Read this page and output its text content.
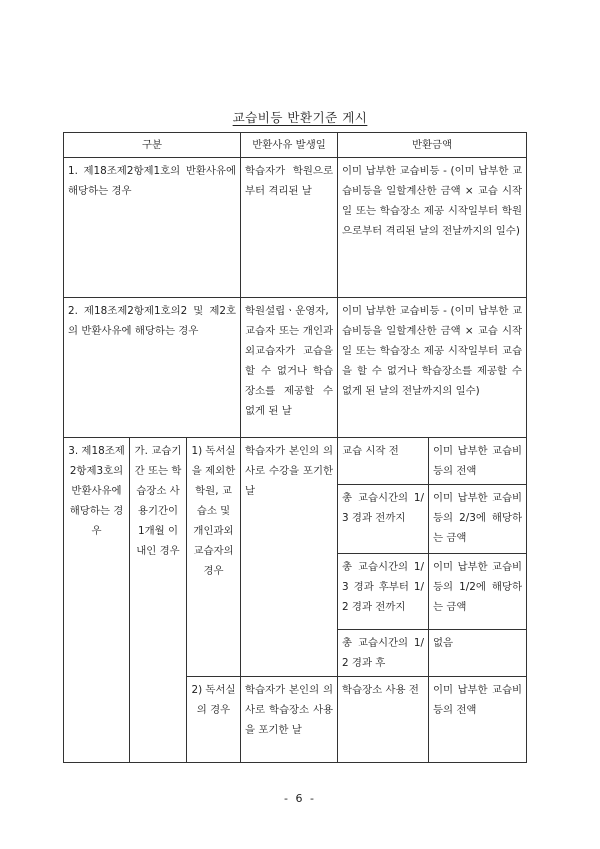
교습비등 반환기준 게시
구분			반환사유 발생일	반환금액	
1. 제18조제2항제1호의 반환사유에 해당하는 경우			학습자가 학원으로부터 격리된 날	이미 납부한 교습비등 - (이미 납부한 교습비등을 일할계산한 금액 × 교습 시작일 또는 학습장소 제공 시작일부터 학원으로부터 격리된 날의 전날까지의 일수)	
2. 제18조제2항제1호의2 및 제2호의 반환사유에 해당하는 경우			학원설립ㆍ운영자, 교습자 또는 개인과외교습자가 교습을 할 수 없거나 학습장소를 제공할 수 없게 된 날	이미 납부한 교습비등 - (이미 납부한 교습비등을 일할계산한 금액 × 교습 시작일 또는 학습장소 제공 시작일부터 교습을 할 수 없거나 학습장소를 제공할 수 없게 된 날의 전날까지의 일수)	
3. 제18조제2항제3호의 반환사유에 해당하는 경우	가. 교습기간 또는 학습장소 사용기간이 1개월 이내인 경우	1) 독서실을 제외한 학원, 교습소 및 개인과외교습자의 경우	학습자가 본인의 의사로 수강을 포기한 날	교습 시작 전	이미 납부한 교습비등의 전액
				총 교습시간의 1/3 경과 전까지	이미 납부한 교습비등의 2/3에 해당하는 금액
				총 교습시간의 1/3 경과 후부터 1/2 경과 전까지	이미 납부한 교습비등의 1/2에 해당하는 금액
				총 교습시간의 1/2 경과 후	없음
		2) 독서실의 경우	학습자가 본인의 의사로 학습장소 사용을 포기한 날	학습장소 사용 전	이미 납부한 교습비등의 전액
- 6 -
